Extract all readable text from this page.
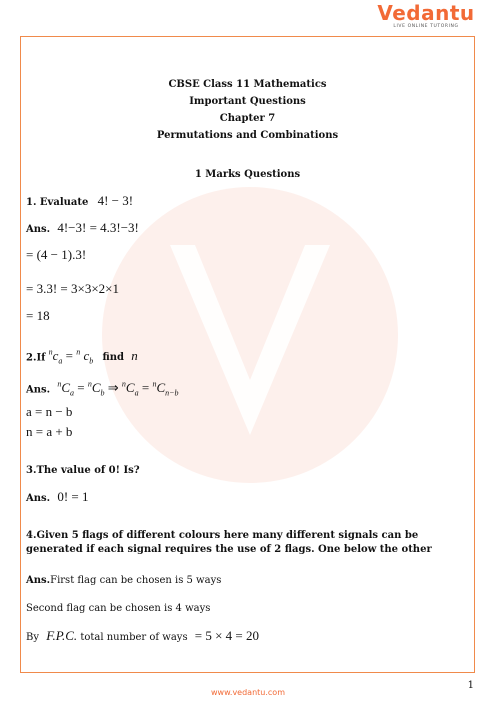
Vedantu
LIVE ONLINE TUTORING
CBSE Class 11 Mathematics
Important Questions
Chapter 7
Permutations and Combinations
1 Marks Questions
1. Evaluate 4! − 3!
Ans. 4!−3! = 4.3!−3!
= (4 − 1).3!
= 3.3! = 3×3×2×1
= 18
2.If $^nc_a = ^n$ $c_b$ find n
Ans. $^nC_a = ^nC_b$ ⇒ $^nC_a = ^nC_{n-b}$
a = n − b
n = a + b
3.The value of 0! Is?
Ans. 0! = 1
4.Given 5 flags of different colours here many different signals can be generated if each signal requires the use of 2 flags. One below the other
Ans.First flag can be chosen is 5 ways
Second flag can be chosen is 4 ways
By F.P.C. total number of ways = 5 × 4 = 20
1
www.vedantu.com
